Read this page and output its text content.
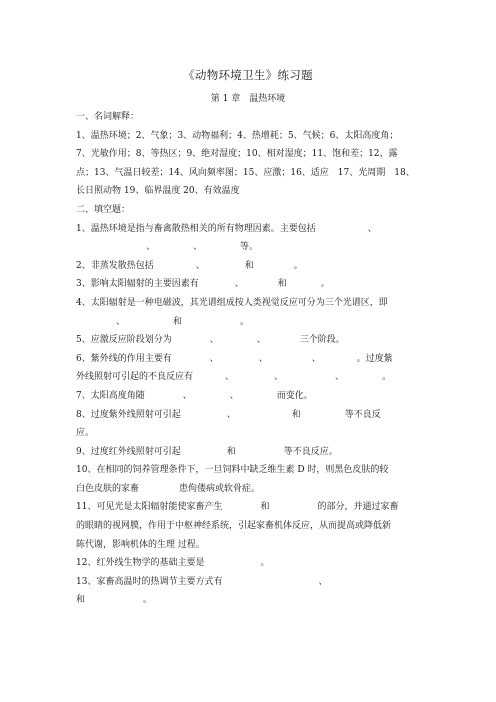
《动物环境卫生》练习题
第 1 章　温热环境

一、名词解释：

1、温热环境；2、气象；3、动物福利；4、热增耗；5、气候；6、太阳高度角；

7、光敏作用；8、等热区；9、绝对湿度；10、相对湿度；11、饱和差；12、露

点；13、气温日较差；14、风向频率图；15、应激；16、适应　17、光周期　18、

长日照动物 19、临界温度 20、有效温度

二、填空题：

1、温热环境是指与畜禽散热相关的所有物理因素。主要包括	、

、	、	等。

2、非蒸发散热包括	、	和	。

3、影响太阳辐射的主要因素有	、	和	。

4、太阳辐射是一种电磁波，其光谱组成按人类视觉反应可分为三个光谱区，即

、	和	。

5、应激反应阶段划分为	、	、	三个阶段。

6、紫外线的作用主要有	、	、	、	。过度紫

外线照射可引起的不良反应有	、	、	、	。

7、太阳高度角随	、	、	而变化。

8、过度紫外线照射可引起	、	和	等不良反

应。

9、过度红外线照射可引起	和	等不良反应。

10、在相同的饲养管理条件下，一旦饲料中缺乏维生素 D 时，则黑色皮肤的较

白色皮肤的家畜	患佝偻病或软骨症。

11、可见光是太阳辐射能使家畜产生	和	的部分，并通过家畜

的眼睛的视网膜，作用于中枢神经系统，引起家畜机体反应，从而提高或降低新

陈代谢，影响机体的生理 过程。

12、红外线生物学的基础主要是	。

13、家畜高温时的热调节主要方式有	、

和	。
